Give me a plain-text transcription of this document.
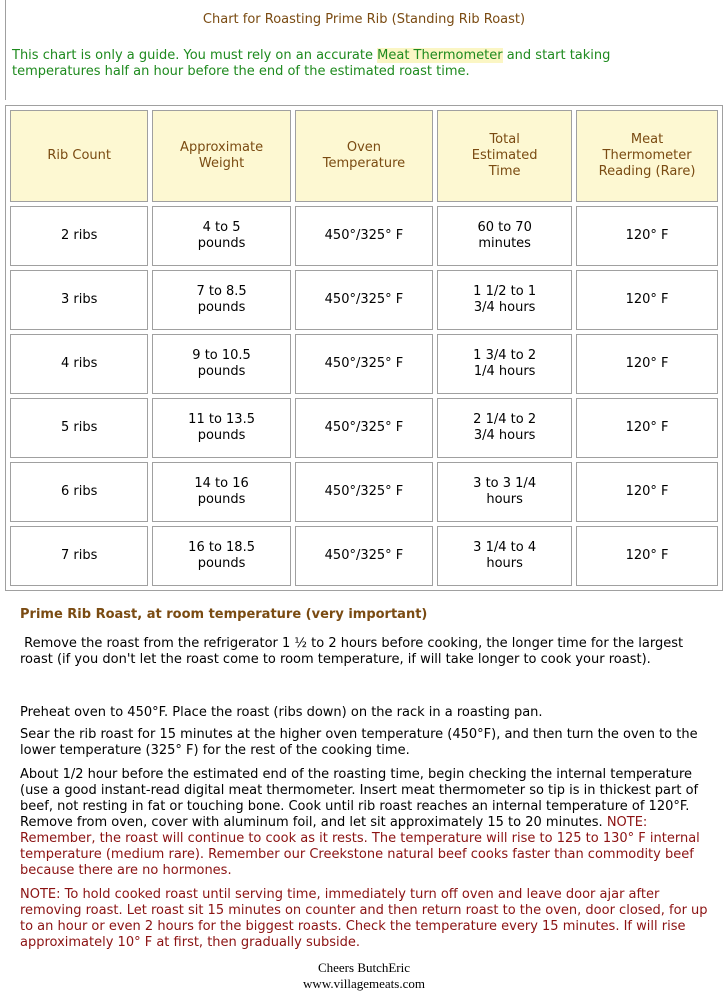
Chart for Roasting Prime Rib (Standing Rib Roast)
This chart is only a guide. You must rely on an accurate Meat Thermometer and start taking temperatures half an hour before the end of the estimated roast time.
Rib Count	Approximate Weight	Oven Temperature	Total Estimated Time	Meat Thermometer Reading (Rare)
2 ribs	4 to 5 pounds	450°/325° F	60 to 70 minutes	120° F
3 ribs	7 to 8.5 pounds	450°/325° F	1 1/2 to 1 3/4 hours	120° F
4 ribs	9 to 10.5 pounds	450°/325° F	1 3/4 to 2 1/4 hours	120° F
5 ribs	11 to 13.5 pounds	450°/325° F	2 1/4 to 2 3/4 hours	120° F
6 ribs	14 to 16 pounds	450°/325° F	3 to 3 1/4 hours	120° F
7 ribs	16 to 18.5 pounds	450°/325° F	3 1/4 to 4 hours	120° F
Prime Rib Roast, at room temperature (very important)

Remove the roast from the refrigerator 1 ½ to 2 hours before cooking, the longer time for the largest roast (if you don't let the roast come to room temperature, if will take longer to cook your roast).

Preheat oven to 450°F. Place the roast (ribs down) on the rack in a roasting pan.

Sear the rib roast for 15 minutes at the higher oven temperature (450°F), and then turn the oven to the lower temperature (325° F) for the rest of the cooking time.

About 1/2 hour before the estimated end of the roasting time, begin checking the internal temperature (use a good instant-read digital meat thermometer. Insert meat thermometer so tip is in thickest part of beef, not resting in fat or touching bone. Cook until rib roast reaches an internal temperature of 120°F. Remove from oven, cover with aluminum foil, and let sit approximately 15 to 20 minutes. NOTE: Remember, the roast will continue to cook as it rests. The temperature will rise to 125 to 130° F internal temperature (medium rare). Remember our Creekstone natural beef cooks faster than commodity beef because there are no hormones.

NOTE: To hold cooked roast until serving time, immediately turn off oven and leave door ajar after removing roast. Let roast sit 15 minutes on counter and then return roast to the oven, door closed, for up to an hour or even 2 hours for the biggest roasts. Check the temperature every 15 minutes. If will rise approximately 10° F at first, then gradually subside.

Cheers ButchEric
www.villagemeats.com
